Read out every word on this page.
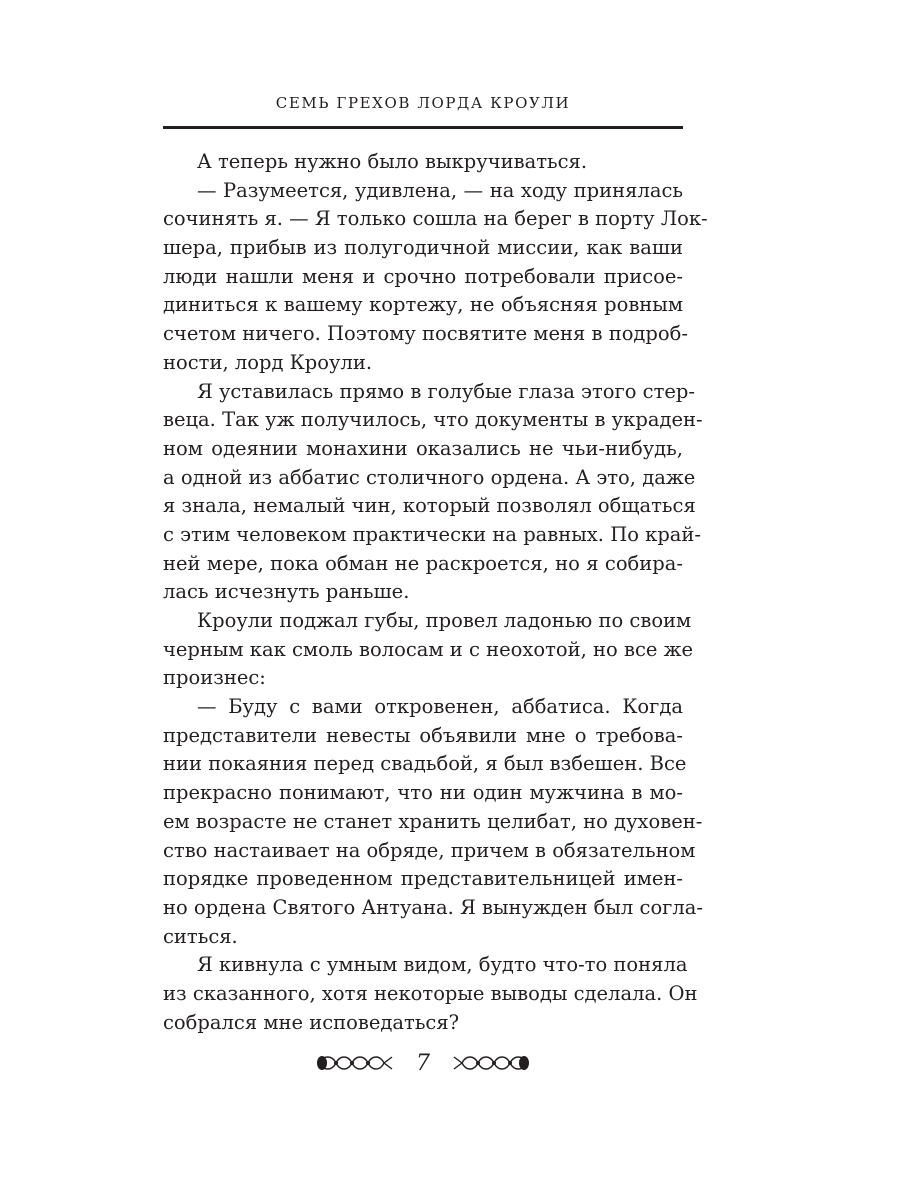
СЕМЬ ГРЕХОВ ЛОРДА КРОУЛИ
А теперь нужно было выкручиваться.
— Разумеется, удивлена, — на ходу принялась
сочинять я. — Я только сошла на берег в порту Лок-
шера, прибыв из полугодичной миссии, как ваши
люди нашли меня и срочно потребовали присое-
диниться к вашему кортежу, не объясняя ровным
счетом ничего. Поэтому посвятите меня в подроб-
ности, лорд Кроули.
Я уставилась прямо в голубые глаза этого стер-
веца. Так уж получилось, что документы в украден-
ном одеянии монахини оказались не чьи-нибудь,
а одной из аббатис столичного ордена. А это, даже
я знала, немалый чин, который позволял общаться
с этим человеком практически на равных. По край-
ней мере, пока обман не раскроется, но я собира-
лась исчезнуть раньше.
Кроули поджал губы, провел ладонью по своим
черным как смоль волосам и с неохотой, но все же
произнес:
— Буду с вами откровенен, аббатиса. Когда
представители невесты объявили мне о требова-
нии покаяния перед свадьбой, я был взбешен. Все
прекрасно понимают, что ни один мужчина в мо-
ем возрасте не станет хранить целибат, но духовен-
ство настаивает на обряде, причем в обязательном
порядке проведенном представительницей имен-
но ордена Святого Антуана. Я вынужден был согла-
ситься.
Я кивнула с умным видом, будто что-то поняла
из сказанного, хотя некоторые выводы сделала. Он
собрался мне исповедаться?
7
